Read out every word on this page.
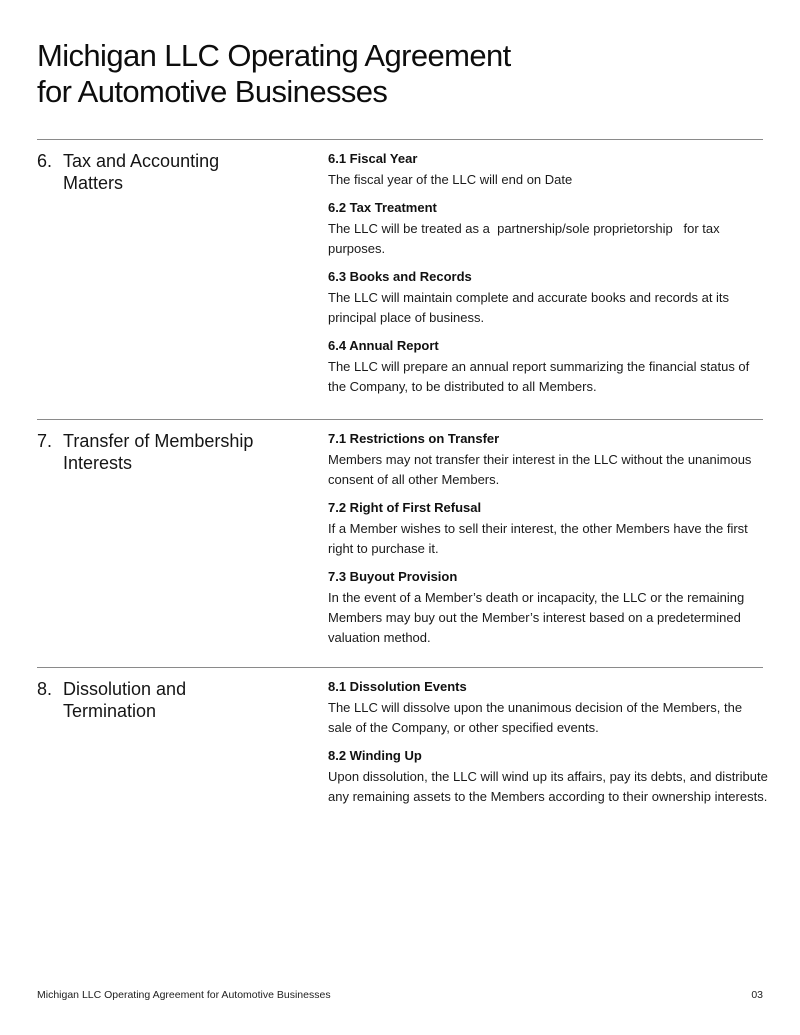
Michigan LLC Operating Agreement
for Automotive Businesses
6. Tax and Accounting
Matters
6.1 Fiscal Year
The fiscal year of the LLC will end on Date
6.2 Tax Treatment
The LLC will be treated as a  partnership/sole proprietorship   for tax purposes.
6.3 Books and Records
The LLC will maintain complete and accurate books and records at its principal place of business.
6.4 Annual Report
The LLC will prepare an annual report summarizing the financial status of the Company, to be distributed to all Members.
7. Transfer of Membership
Interests
7.1 Restrictions on Transfer
Members may not transfer their interest in the LLC without the unanimous consent of all other Members.
7.2 Right of First Refusal
If a Member wishes to sell their interest, the other Members have the first right to purchase it.
7.3 Buyout Provision
In the event of a Member’s death or incapacity, the LLC or the remaining Members may buy out the Member’s interest based on a predetermined valuation method.
8. Dissolution and
Termination
8.1 Dissolution Events
The LLC will dissolve upon the unanimous decision of the Members, the sale of the Company, or other specified events.
8.2 Winding Up
Upon dissolution, the LLC will wind up its affairs, pay its debts, and distribute any remaining assets to the Members according to their ownership interests.
Michigan LLC Operating Agreement for Automotive Businesses	03
